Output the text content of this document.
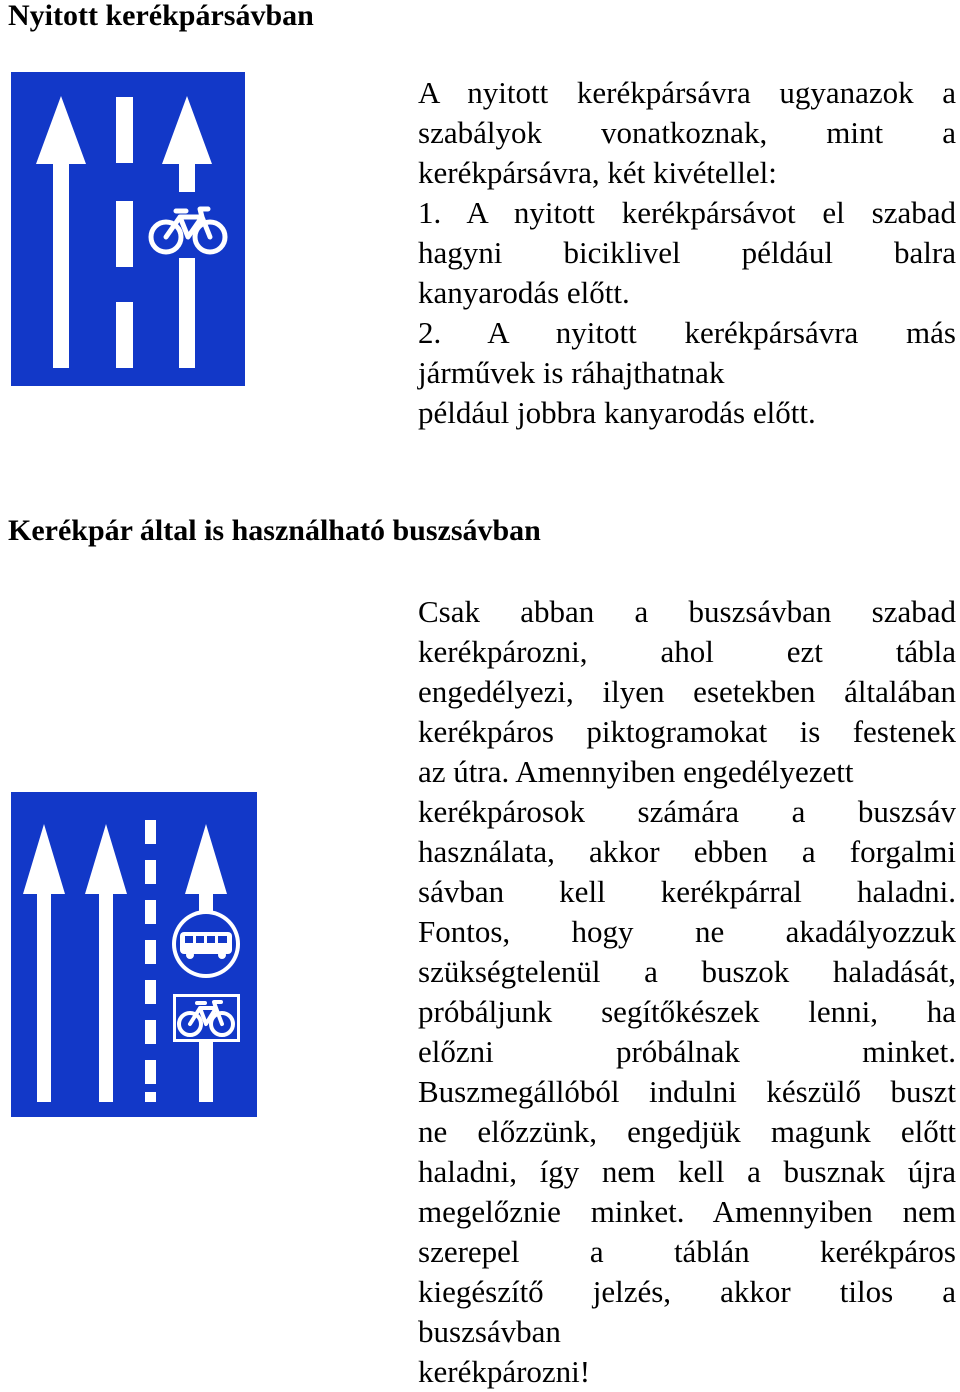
Nyitott kerékpársávban
A nyitott kerékpársávra ugyanazok a
szabályok vonatkoznak, mint a
kerékpársávra, két kivétellel:
1. A nyitott kerékpársávot el szabad
hagyni biciklivel például balra
kanyarodás előtt.
2. A nyitott kerékpársávra más
járművek is ráhajthatnak
például jobbra kanyarodás előtt.
Kerékpár által is használható buszsávban
Csak abban a buszsávban szabad
kerékpározni, ahol ezt tábla
engedélyezi, ilyen esetekben általában
kerékpáros piktogramokat is festenek
az útra. Amennyiben engedélyezett
kerékpárosok számára a buszsáv
használata, akkor ebben a forgalmi
sávban kell kerékpárral haladni.
Fontos, hogy ne akadályozzuk
szükségtelenül a buszok haladását,
próbáljunk segítőkészek lenni, ha
előzni próbálnak minket.
Buszmegállóból indulni készülő buszt
ne előzzünk, engedjük magunk előtt
haladni, így nem kell a busznak újra
megelőznie minket. Amennyiben nem
szerepel a táblán kerékpáros
kiegészítő jelzés, akkor tilos a
buszsávban
kerékpározni!
